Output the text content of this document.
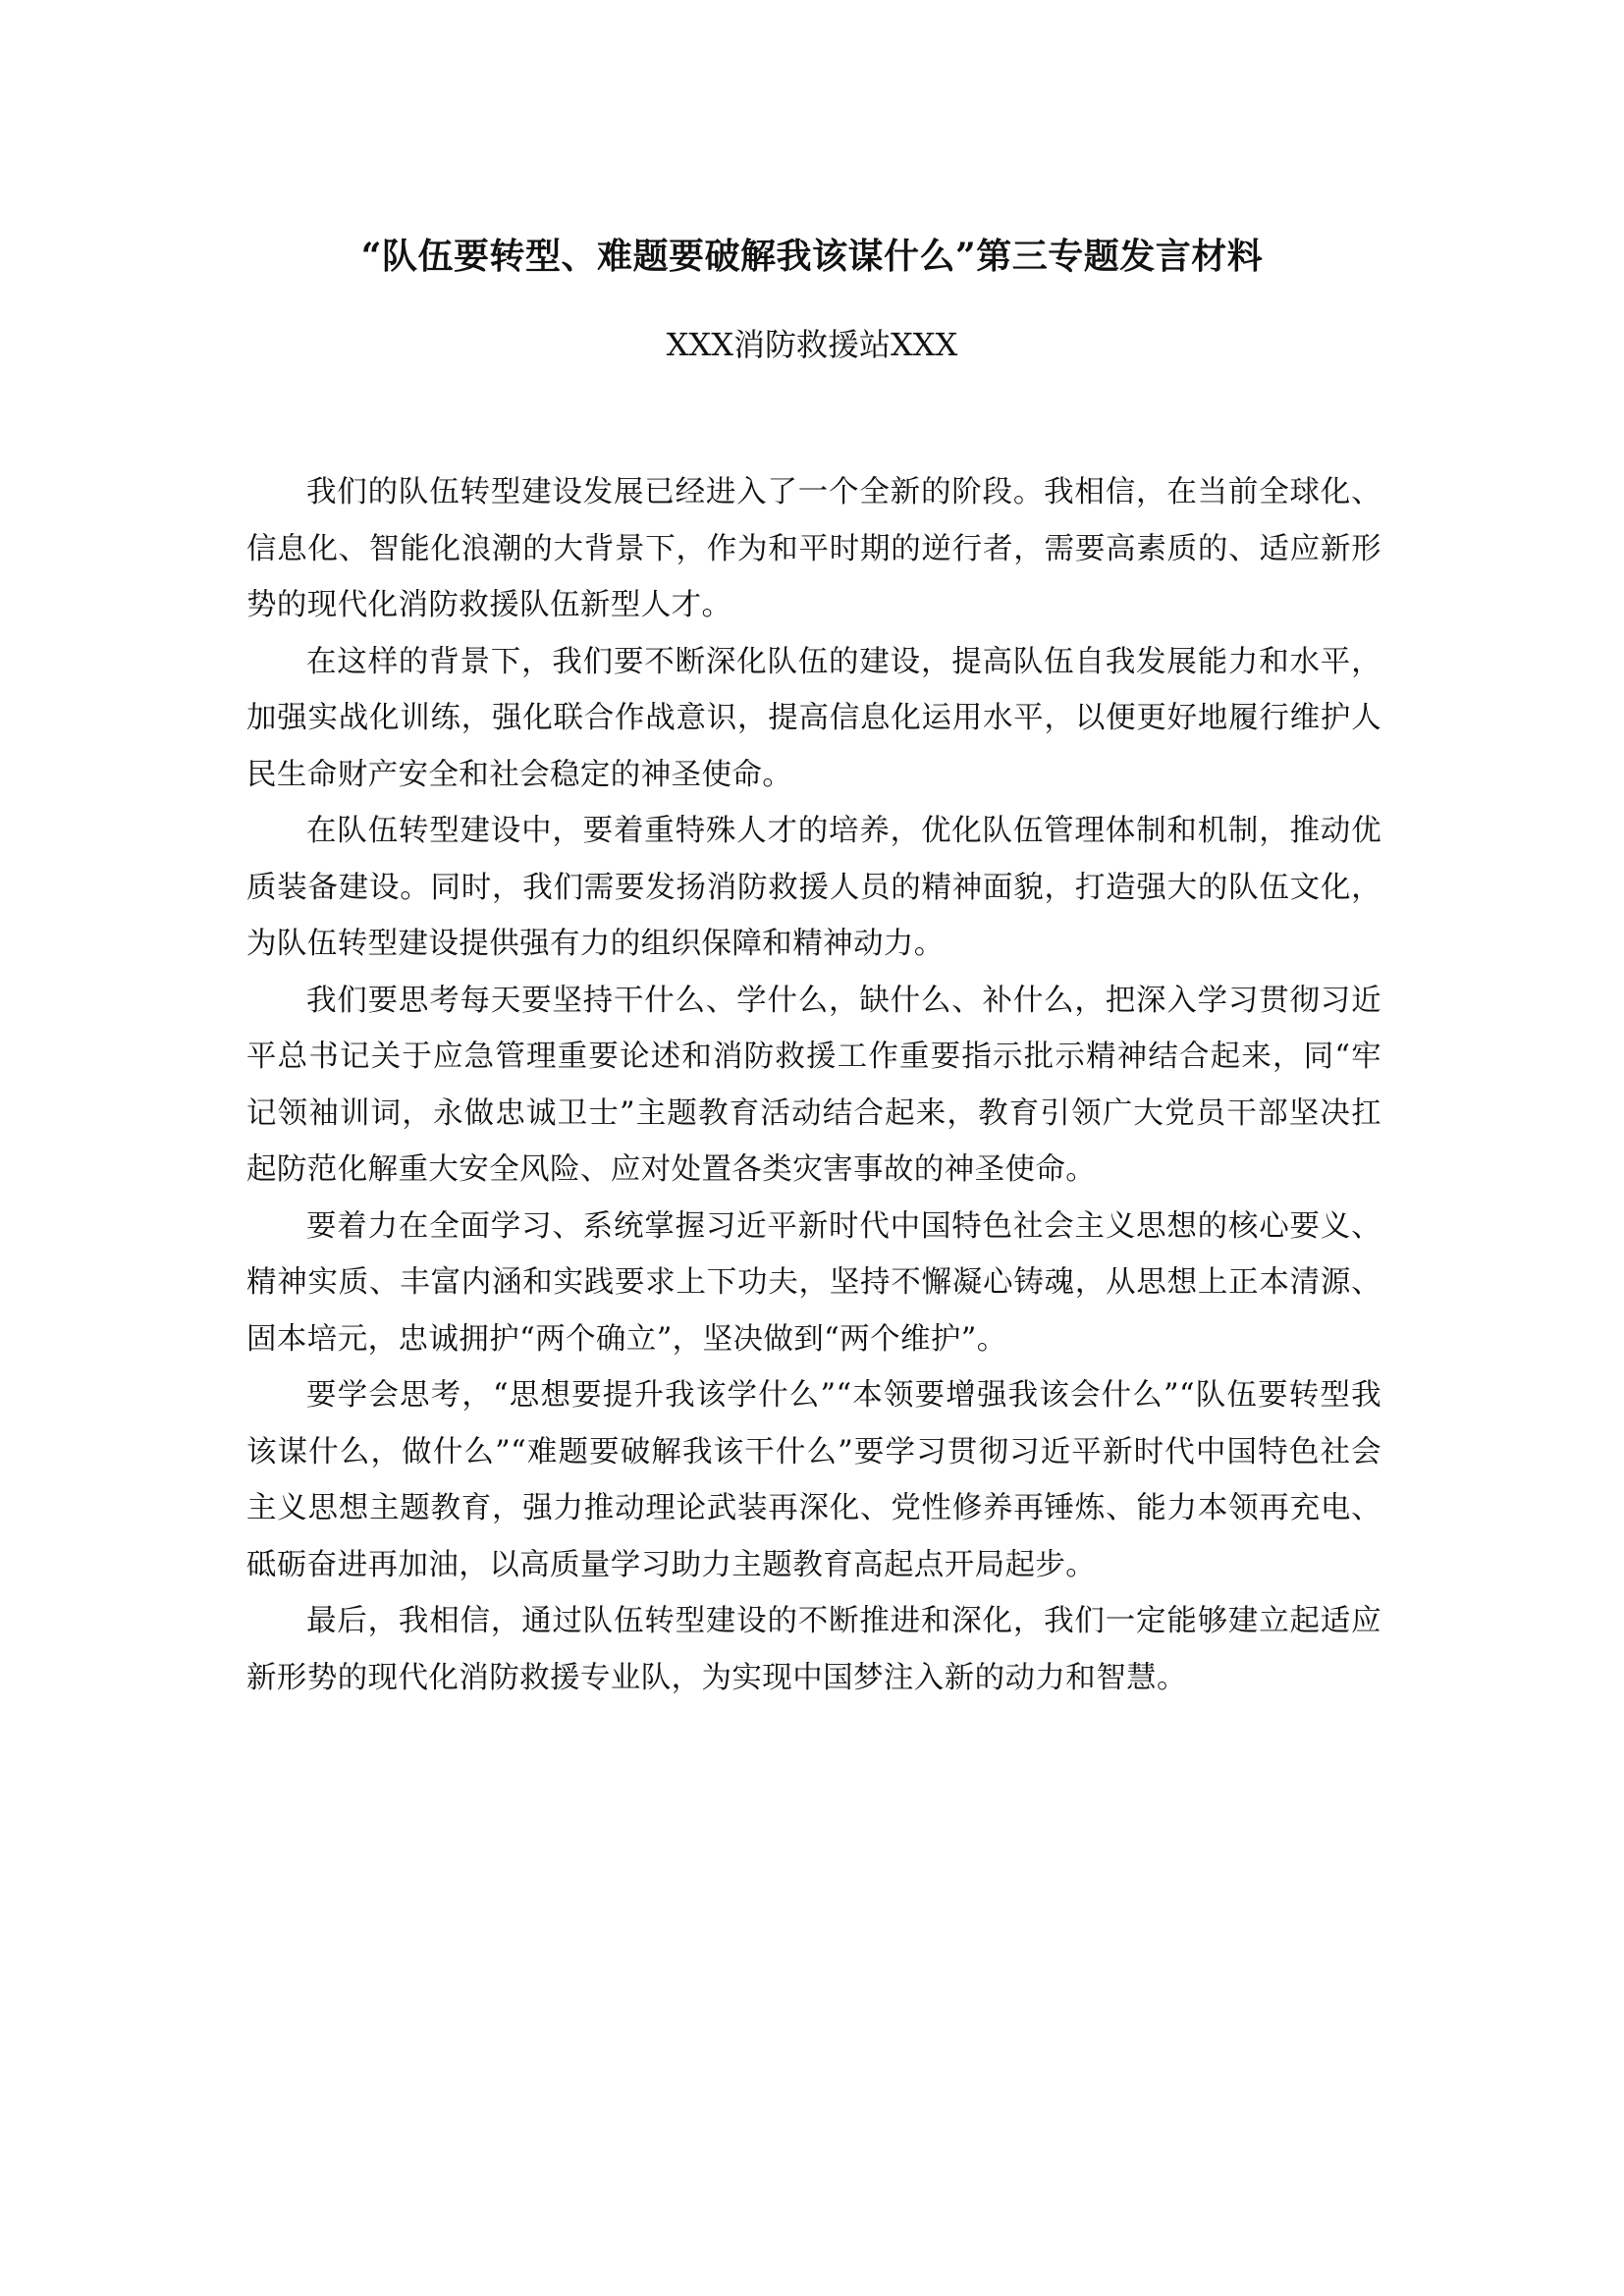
“队伍要转型、难题要破解我该谋什么”第三专题发言材料

XXX消防救援站XXX

我们的队伍转型建设发展已经进入了一个全新的阶段。我相信，在当前全球化、信息化、智能化浪潮的大背景下，作为和平时期的逆行者，需要高素质的、适应新形势的现代化消防救援队伍新型人才。

在这样的背景下，我们要不断深化队伍的建设，提高队伍自我发展能力和水平，加强实战化训练，强化联合作战意识，提高信息化运用水平，以便更好地履行维护人民生命财产安全和社会稳定的神圣使命。

在队伍转型建设中，要着重特殊人才的培养，优化队伍管理体制和机制，推动优质装备建设。同时，我们需要发扬消防救援人员的精神面貌，打造强大的队伍文化，为队伍转型建设提供强有力的组织保障和精神动力。

我们要思考每天要坚持干什么、学什么，缺什么、补什么，把深入学习贯彻习近平总书记关于应急管理重要论述和消防救援工作重要指示批示精神结合起来，同“牢记领袖训词，永做忠诚卫士”主题教育活动结合起来，教育引领广大党员干部坚决扛起防范化解重大安全风险、应对处置各类灾害事故的神圣使命。

要着力在全面学习、系统掌握习近平新时代中国特色社会主义思想的核心要义、精神实质、丰富内涵和实践要求上下功夫，坚持不懈凝心铸魂，从思想上正本清源、固本培元，忠诚拥护“两个确立”，坚决做到“两个维护”。

要学会思考，“思想要提升我该学什么”“本领要增强我该会什么”“队伍要转型我该谋什么，做什么”“难题要破解我该干什么”要学习贯彻习近平新时代中国特色社会主义思想主题教育，强力推动理论武装再深化、党性修养再锤炼、能力本领再充电、砥砺奋进再加油，以高质量学习助力主题教育高起点开局起步。

最后，我相信，通过队伍转型建设的不断推进和深化，我们一定能够建立起适应新形势的现代化消防救援专业队，为实现中国梦注入新的动力和智慧。
